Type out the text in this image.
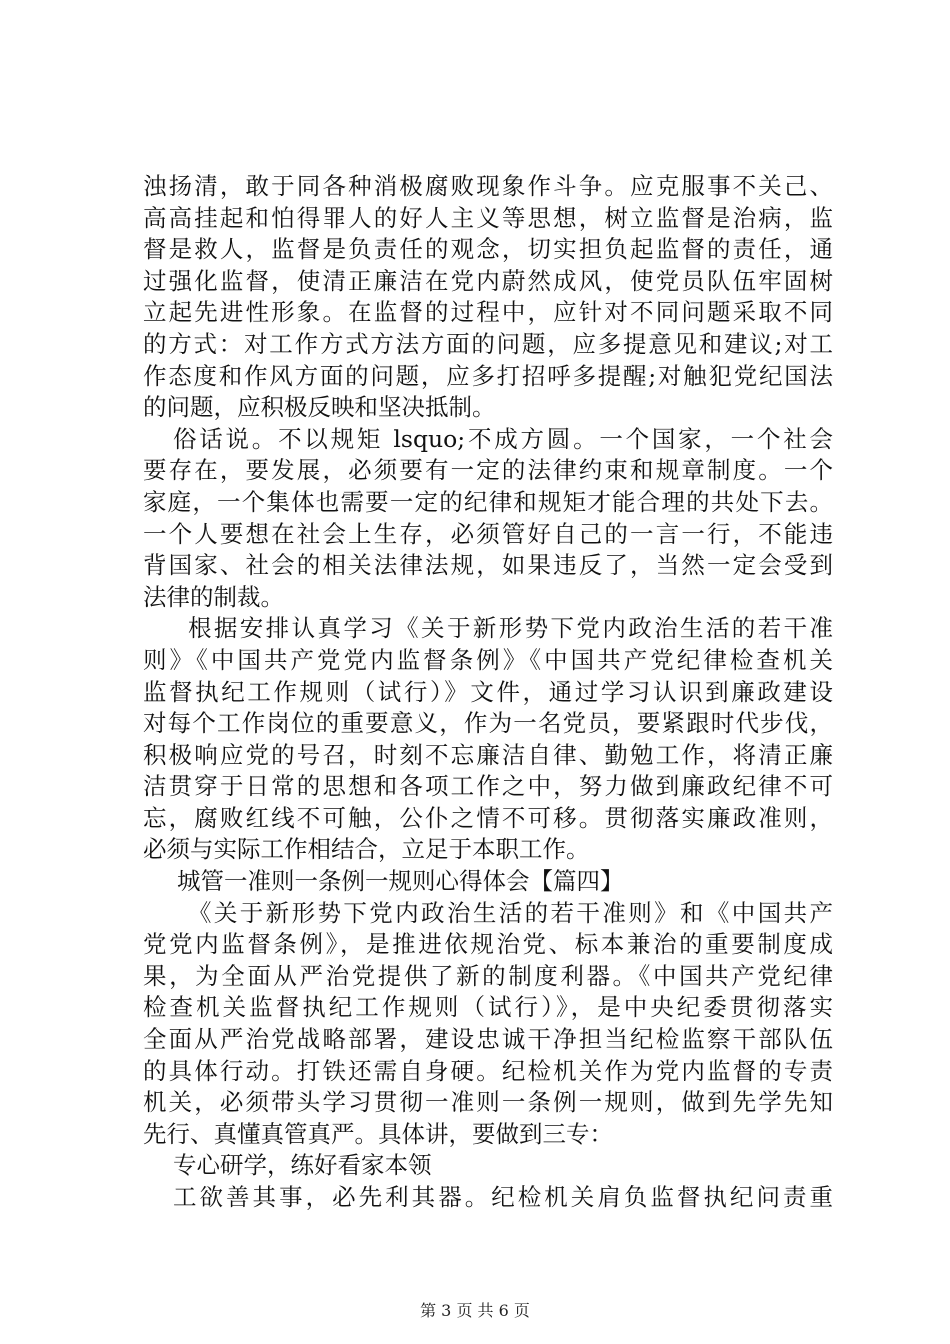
浊扬清，敢于同各种消极腐败现象作斗争。应克服事不关己、
高高挂起和怕得罪人的好人主义等思想，树立监督是治病，监
督是救人，监督是负责任的观念，切实担负起监督的责任，通
过强化监督，使清正廉洁在党内蔚然成风，使党员队伍牢固树
立起先进性形象。在监督的过程中，应针对不同问题采取不同
的方式：对工作方式方法方面的问题，应多提意见和建议;对工
作态度和作风方面的问题，应多打招呼多提醒;对触犯党纪国法
的问题，应积极反映和坚决抵制。
俗话说。不以规矩 lsquo;不成方圆。一个国家，一个社会
要存在，要发展，必须要有一定的法律约束和规章制度。一个
家庭，一个集体也需要一定的纪律和规矩才能合理的共处下去。
一个人要想在社会上生存，必须管好自己的一言一行，不能违
背国家、社会的相关法律法规，如果违反了，当然一定会受到
法律的制裁。
根据安排认真学习《关于新形势下党内政治生活的若干准
则》《中国共产党党内监督条例》《中国共产党纪律检查机关
监督执纪工作规则（试行）》文件，通过学习认识到廉政建设
对每个工作岗位的重要意义，作为一名党员，要紧跟时代步伐，
积极响应党的号召，时刻不忘廉洁自律、勤勉工作，将清正廉
洁贯穿于日常的思想和各项工作之中，努力做到廉政纪律不可
忘，腐败红线不可触，公仆之情不可移。贯彻落实廉政准则，
必须与实际工作相结合，立足于本职工作。
城管一准则一条例一规则心得体会【篇四】
《关于新形势下党内政治生活的若干准则》和《中国共产
党党内监督条例》，是推进依规治党、标本兼治的重要制度成
果，为全面从严治党提供了新的制度利器。《中国共产党纪律
检查机关监督执纪工作规则（试行）》，是中央纪委贯彻落实
全面从严治党战略部署，建设忠诚干净担当纪检监察干部队伍
的具体行动。打铁还需自身硬。纪检机关作为党内监督的专责
机关，必须带头学习贯彻一准则一条例一规则，做到先学先知
先行、真懂真管真严。具体讲，要做到三专：
专心研学，练好看家本领
工欲善其事，必先利其器。纪检机关肩负监督执纪问责重
第 3 页 共 6 页
